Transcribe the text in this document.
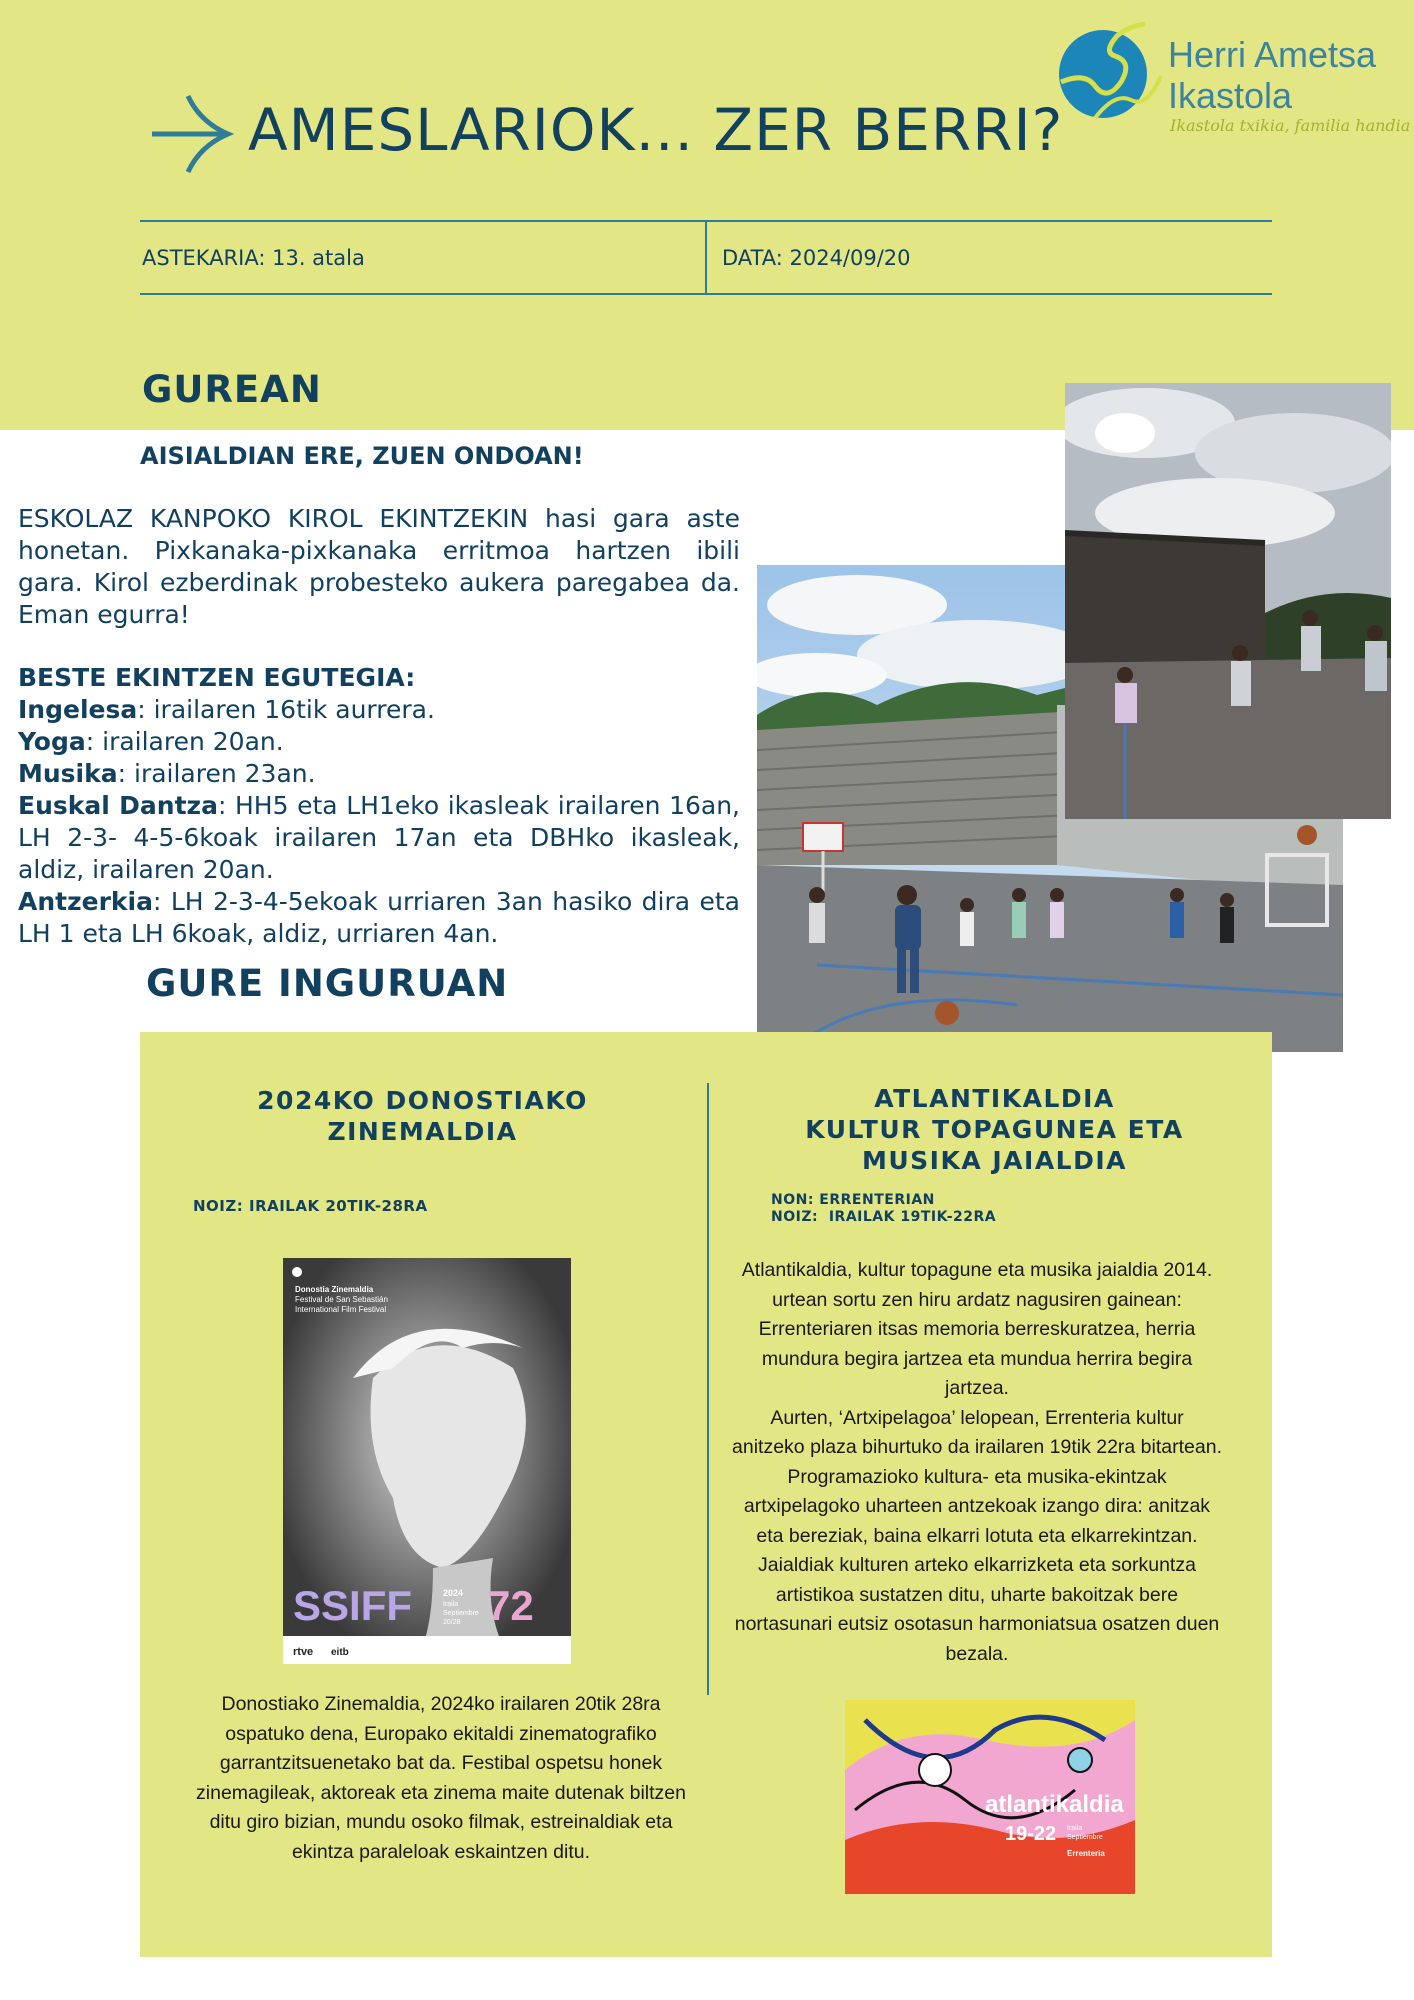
AMESLARIOK... ZER BERRI?
Herri Ametsa
Ikastola
Ikastola txikia, familia handia
ASTEKARIA: 13. atala	DATA: 2024/09/20
GUREAN
AISIALDIAN ERE, ZUEN ONDOAN!
ESKOLAZ KANPOKO KIROL EKINTZEKIN hasi gara aste honetan. Pixkanaka-pixkanaka erritmoa hartzen ibili gara. Kirol ezberdinak probesteko aukera paregabea da. Eman egurra!
BESTE EKINTZEN EGUTEGIA:
Ingelesa: irailaren 16tik aurrera.
Yoga: irailaren 20an.
Musika: irailaren 23an.
Euskal Dantza: HH5 eta LH1eko ikasleak irailaren 16an, LH 2-3- 4-5-6koak irailaren 17an eta DBHko ikasleak, aldiz, irailaren 20an.
Antzerkia: LH 2-3-4-5ekoak urriaren 3an hasiko dira eta LH 1 eta LH 6koak, aldiz, urriaren 4an.
GURE INGURUAN
2024KO DONOSTIAKO
ZINEMALDIA
NOIZ: IRAILAK 20TIK-28RA
Donostia Zinemaldia
Festival de San Sebastián
International Film Festival
SSIFF 72
2024
Iraila
Septiembre
20/28
rtve eitb
Donostiako Zinemaldia, 2024ko irailaren 20tik 28ra ospatuko dena, Europako ekitaldi zinematografiko garrantzitsuenetako bat da. Festibal ospetsu honek zinemagileak, aktoreak eta zinema maite dutenak biltzen ditu giro bizian, mundu osoko filmak, estreinaldiak eta ekintza paraleloak eskaintzen ditu.
ATLANTIKALDIA
KULTUR TOPAGUNEA ETA
MUSIKA JAIALDIA
NON: ERRENTERIAN
NOIZ:  IRAILAK 19TIK-22RA
Atlantikaldia, kultur topagune eta musika jaialdia 2014. urtean sortu zen hiru ardatz nagusiren gainean: Errenteriaren itsas memoria berreskuratzea, herria mundura begira jartzea eta mundua herrira begira jartzea.
Aurten, ‘Artxipelagoa’ lelopean, Errenteria kultur anitzeko plaza bihurtuko da irailaren 19tik 22ra bitartean. Programazioko kultura- eta musika-ekintzak artxipelagoko uharteen antzekoak izango dira: anitzak eta bereziak, baina elkarri lotuta eta elkarrekintzan. Jaialdiak kulturen arteko elkarrizketa eta sorkuntza artistikoa sustatzen ditu, uharte bakoitzak bere nortasunari eutsiz osotasun harmoniatsua osatzen duen bezala.
atlantikaldia
19-22 Iraila
Septiembre
Errenteria
